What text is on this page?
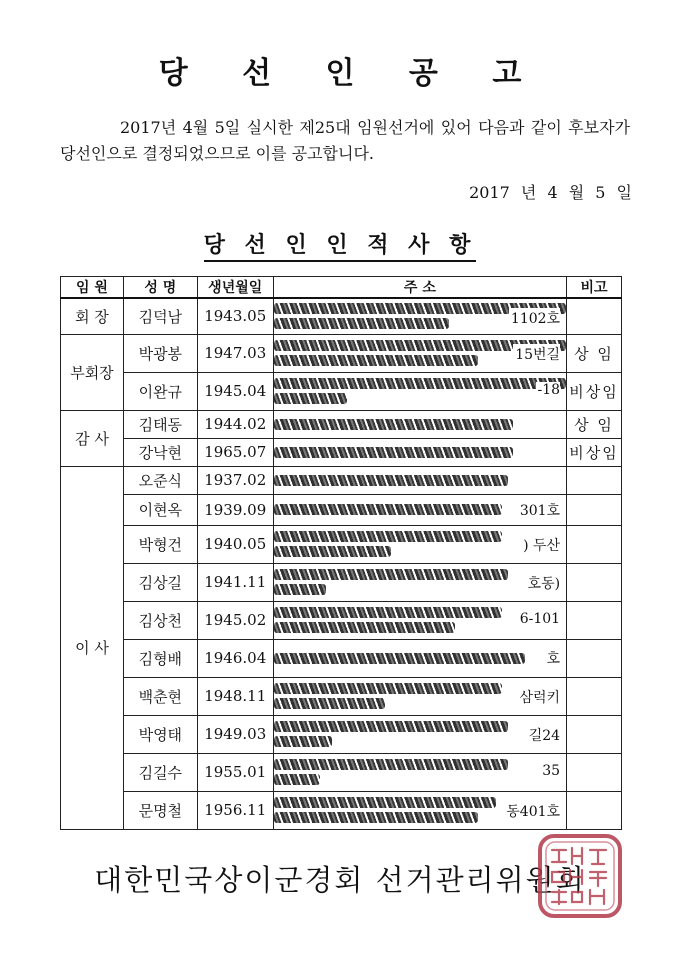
당 선 인 공 고
2017년 4월 5일 실시한 제25대 임원선거에 있어 다음과 같이 후보자가 당선인으로 결정되었으므로 이를 공고합니다.
2017 년 4 월 5 일
당 선 인 인 적 사 항
임 원	성 명	생년월일	주 소	비고
회 장	김덕남	1943.05	1102호	

부회장	박광봉	1947.03	15번길	상 임
	이완규	1945.04	-18	비상임
감 사	김태동	1944.02		상 임
	강낙현	1965.07		비상임
이 사	오준식	1937.02	

	이현옥	1939.09	301호	

	박형건	1940.05	) 두산	

	김상길	1941.11	호동)	

	김상천	1945.02	6-101	

	김형배	1946.04	호	

	백춘현	1948.11	삼럭키	

	박영태	1949.03	길24	

	김길수	1955.01	35	

	문명철	1956.11	동401호	

대한민국상이군경회 선거관리위원회
